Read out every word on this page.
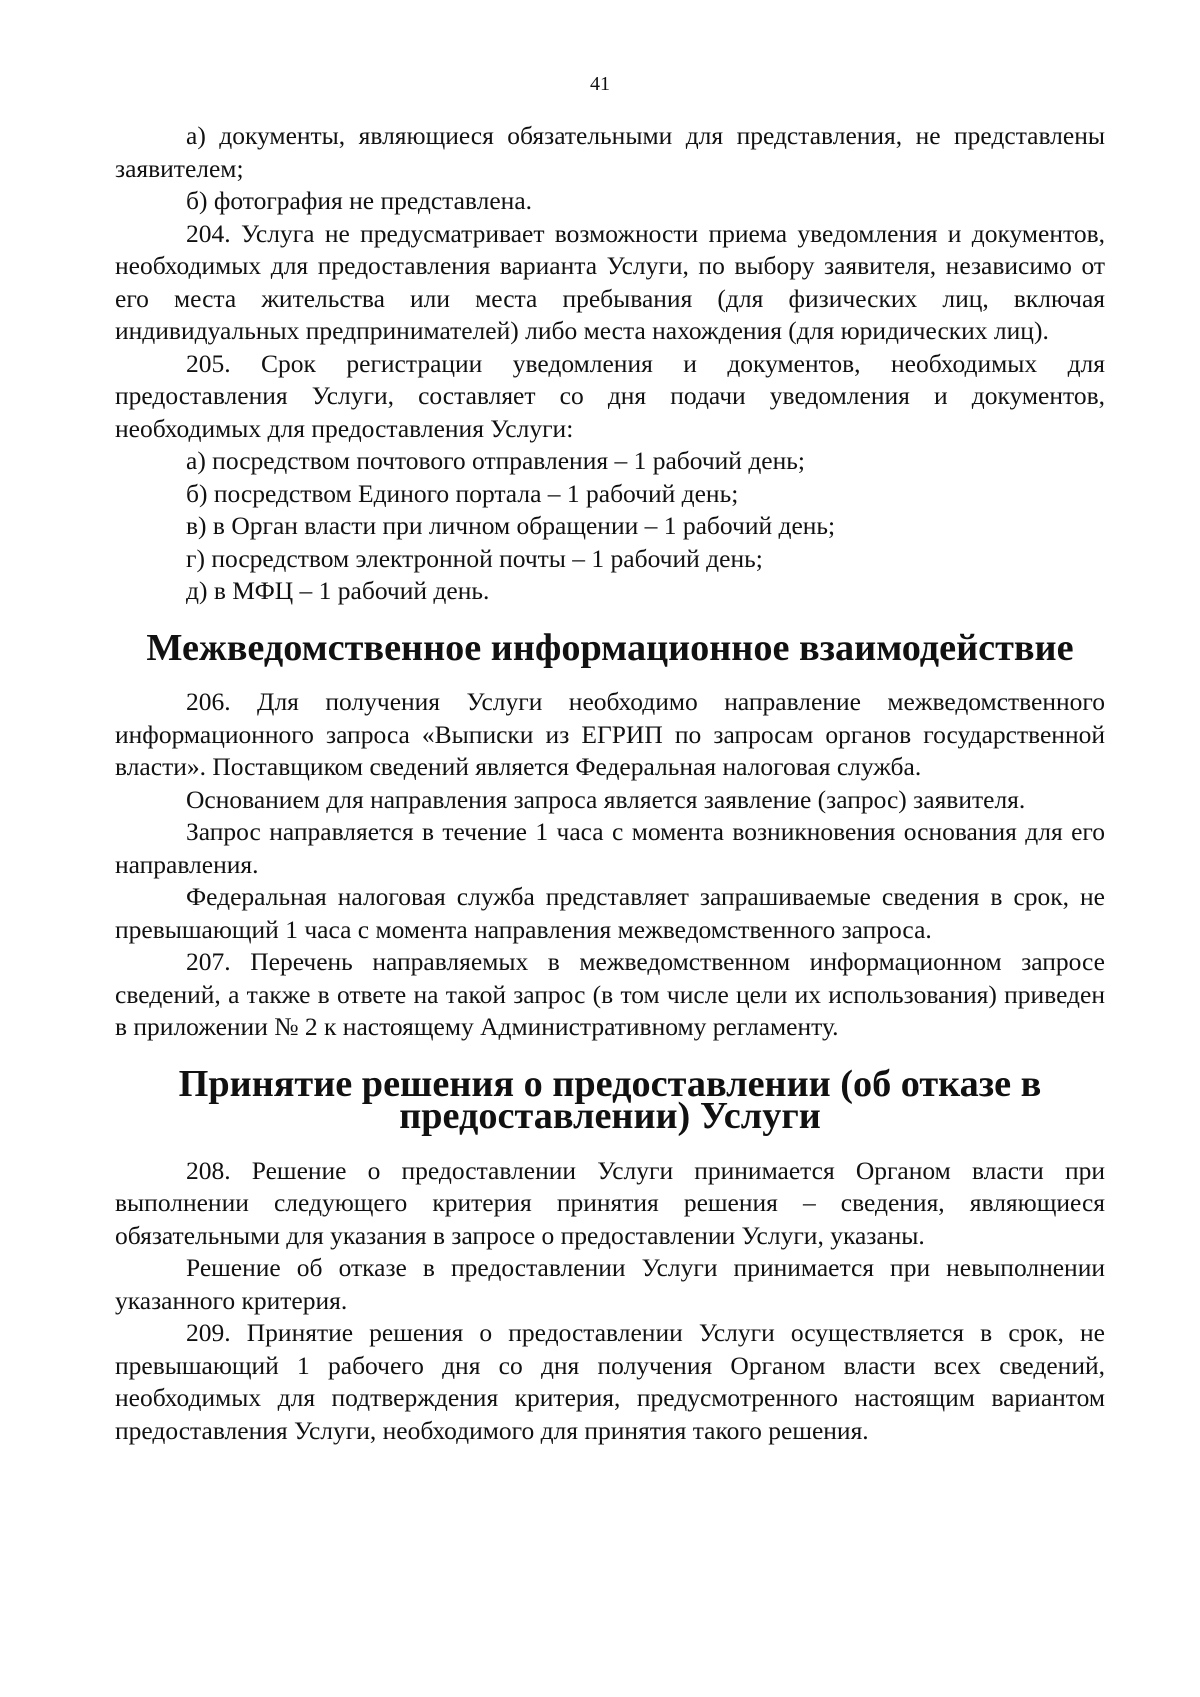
41

а) документы, являющиеся обязательными для представления, не представлены заявителем;

б) фотография не представлена.

204. Услуга не предусматривает возможности приема уведомления и документов, необходимых для предоставления варианта Услуги, по выбору заявителя, независимо от его места жительства или места пребывания (для физических лиц, включая индивидуальных предпринимателей) либо места нахождения (для юридических лиц).

205. Срок регистрации уведомления и документов, необходимых для предоставления Услуги, составляет со дня подачи уведомления и документов, необходимых для предоставления Услуги:

а) посредством почтового отправления – 1 рабочий день;

б) посредством Единого портала – 1 рабочий день;

в) в Орган власти при личном обращении – 1 рабочий день;

г) посредством электронной почты – 1 рабочий день;

д) в МФЦ – 1 рабочий день.

Межведомственное информационное взаимодействие

206. Для получения Услуги необходимо направление межведомственного информационного запроса «Выписки из ЕГРИП по запросам органов государственной власти». Поставщиком сведений является Федеральная налоговая служба.

Основанием для направления запроса является заявление (запрос) заявителя.

Запрос направляется в течение 1 часа с момента возникновения основания для его направления.

Федеральная налоговая служба представляет запрашиваемые сведения в срок, не превышающий 1 часа с момента направления межведомственного запроса.

207. Перечень направляемых в межведомственном информационном запросе сведений, а также в ответе на такой запрос (в том числе цели их использования) приведен в приложении № 2 к настоящему Административному регламенту.

Принятие решения о предоставлении (об отказе в предоставлении) Услуги

208. Решение о предоставлении Услуги принимается Органом власти при выполнении следующего критерия принятия решения – сведения, являющиеся обязательными для указания в запросе о предоставлении Услуги, указаны.

Решение об отказе в предоставлении Услуги принимается при невыполнении указанного критерия.

209. Принятие решения о предоставлении Услуги осуществляется в срок, не превышающий 1 рабочего дня со дня получения Органом власти всех сведений, необходимых для подтверждения критерия, предусмотренного настоящим вариантом предоставления Услуги, необходимого для принятия такого решения.
